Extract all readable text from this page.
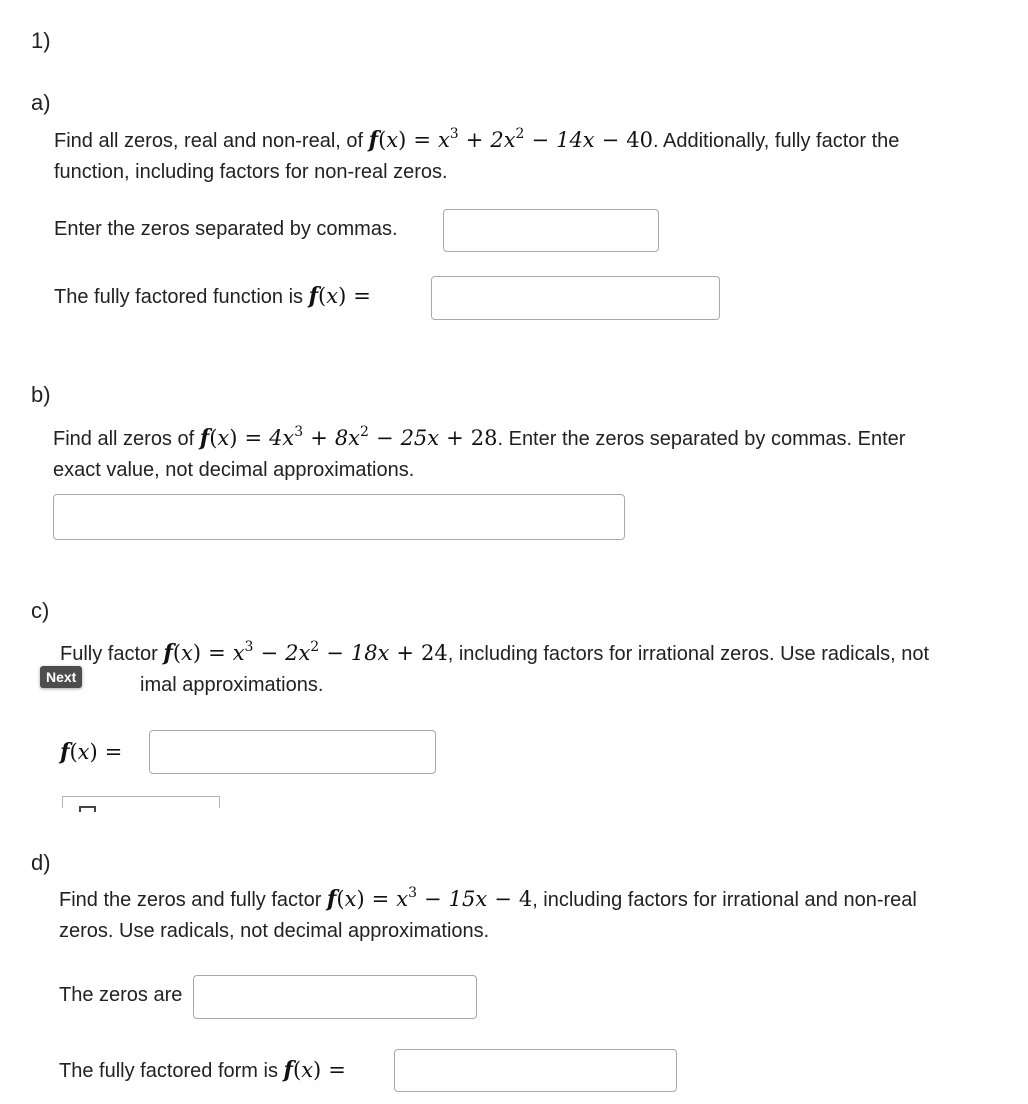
1)
a)
Find all zeros, real and non-real, of $f(x) = x^3 + 2x^2 - 14x - 40$. Additionally, fully factor the
function, including factors for non-real zeros.
Enter the zeros separated by commas.
The fully factored function is f(x) =
b)
Find all zeros of $f(x) = 4x^3 + 8x^2 - 25x + 28$. Enter the zeros separated by commas. Enter
exact value, not decimal approximations.
c)
Fully factor $f(x) = x^3 - 2x^2 - 18x + 24$, including factors for irrational zeros. Use radicals, not
imal approximations.
Next
f(x) =
d)
Find the zeros and fully factor $f(x) = x^3 - 15x - 4$, including factors for irrational and non-real
zeros. Use radicals, not decimal approximations.
The zeros are
The fully factored form is f(x) =
